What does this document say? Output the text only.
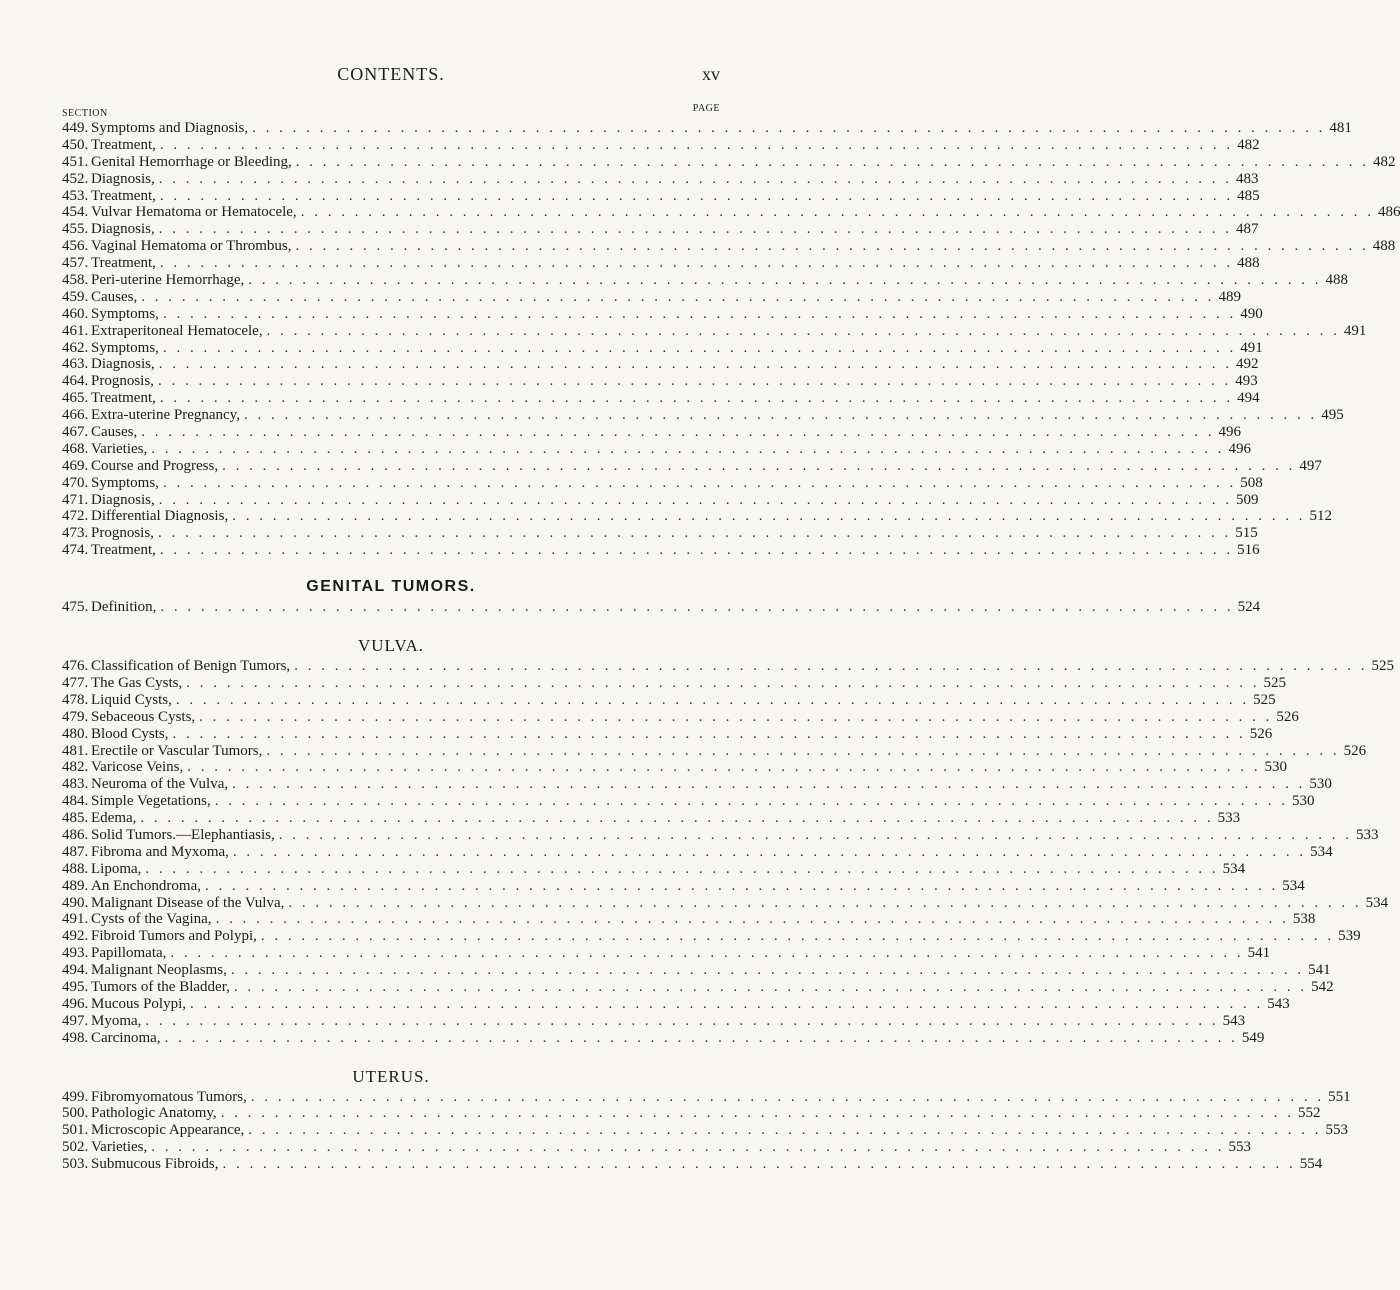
CONTENTS.	xv
SECTION	PAGE
449. Symptoms and Diagnosis, . . . . . . . . . . . . . . . . . . . . . . . . . . . . . . . . . . . . . . . . . . . . . . . . . . . . . . . . . . . . . . . . . . . . . . . . . . . . . . . . 481
450. Treatment, . . . . . . . . . . . . . . . . . . . . . . . . . . . . . . . . . . . . . . . . . . . . . . . . . . . . . . . . . . . . . . . . . . . . . . . . . . . . . . . . 482
451. Genital Hemorrhage or Bleeding, . . . . . . . . . . . . . . . . . . . . . . . . . . . . . . . . . . . . . . . . . . . . . . . . . . . . . . . . . . . . . . . . . . . . . . . . . . . . . . . . 482
452. Diagnosis, . . . . . . . . . . . . . . . . . . . . . . . . . . . . . . . . . . . . . . . . . . . . . . . . . . . . . . . . . . . . . . . . . . . . . . . . . . . . . . . . 483
453. Treatment, . . . . . . . . . . . . . . . . . . . . . . . . . . . . . . . . . . . . . . . . . . . . . . . . . . . . . . . . . . . . . . . . . . . . . . . . . . . . . . . . 485
454. Vulvar Hematoma or Hematocele, . . . . . . . . . . . . . . . . . . . . . . . . . . . . . . . . . . . . . . . . . . . . . . . . . . . . . . . . . . . . . . . . . . . . . . . . . . . . . . . . 486
455. Diagnosis, . . . . . . . . . . . . . . . . . . . . . . . . . . . . . . . . . . . . . . . . . . . . . . . . . . . . . . . . . . . . . . . . . . . . . . . . . . . . . . . . 487
456. Vaginal Hematoma or Thrombus, . . . . . . . . . . . . . . . . . . . . . . . . . . . . . . . . . . . . . . . . . . . . . . . . . . . . . . . . . . . . . . . . . . . . . . . . . . . . . . . . 488
457. Treatment, . . . . . . . . . . . . . . . . . . . . . . . . . . . . . . . . . . . . . . . . . . . . . . . . . . . . . . . . . . . . . . . . . . . . . . . . . . . . . . . . 488
458. Peri-uterine Hemorrhage, . . . . . . . . . . . . . . . . . . . . . . . . . . . . . . . . . . . . . . . . . . . . . . . . . . . . . . . . . . . . . . . . . . . . . . . . . . . . . . . . 488
459. Causes, . . . . . . . . . . . . . . . . . . . . . . . . . . . . . . . . . . . . . . . . . . . . . . . . . . . . . . . . . . . . . . . . . . . . . . . . . . . . . . . . 489
460. Symptoms, . . . . . . . . . . . . . . . . . . . . . . . . . . . . . . . . . . . . . . . . . . . . . . . . . . . . . . . . . . . . . . . . . . . . . . . . . . . . . . . . 490
461. Extraperitoneal Hematocele, . . . . . . . . . . . . . . . . . . . . . . . . . . . . . . . . . . . . . . . . . . . . . . . . . . . . . . . . . . . . . . . . . . . . . . . . . . . . . . . . 491
462. Symptoms, . . . . . . . . . . . . . . . . . . . . . . . . . . . . . . . . . . . . . . . . . . . . . . . . . . . . . . . . . . . . . . . . . . . . . . . . . . . . . . . . 491
463. Diagnosis, . . . . . . . . . . . . . . . . . . . . . . . . . . . . . . . . . . . . . . . . . . . . . . . . . . . . . . . . . . . . . . . . . . . . . . . . . . . . . . . . 492
464. Prognosis, . . . . . . . . . . . . . . . . . . . . . . . . . . . . . . . . . . . . . . . . . . . . . . . . . . . . . . . . . . . . . . . . . . . . . . . . . . . . . . . . 493
465. Treatment, . . . . . . . . . . . . . . . . . . . . . . . . . . . . . . . . . . . . . . . . . . . . . . . . . . . . . . . . . . . . . . . . . . . . . . . . . . . . . . . . 494
466. Extra-uterine Pregnancy, . . . . . . . . . . . . . . . . . . . . . . . . . . . . . . . . . . . . . . . . . . . . . . . . . . . . . . . . . . . . . . . . . . . . . . . . . . . . . . . . 495
467. Causes, . . . . . . . . . . . . . . . . . . . . . . . . . . . . . . . . . . . . . . . . . . . . . . . . . . . . . . . . . . . . . . . . . . . . . . . . . . . . . . . . 496
468. Varieties, . . . . . . . . . . . . . . . . . . . . . . . . . . . . . . . . . . . . . . . . . . . . . . . . . . . . . . . . . . . . . . . . . . . . . . . . . . . . . . . . 496
469. Course and Progress, . . . . . . . . . . . . . . . . . . . . . . . . . . . . . . . . . . . . . . . . . . . . . . . . . . . . . . . . . . . . . . . . . . . . . . . . . . . . . . . . 497
470. Symptoms, . . . . . . . . . . . . . . . . . . . . . . . . . . . . . . . . . . . . . . . . . . . . . . . . . . . . . . . . . . . . . . . . . . . . . . . . . . . . . . . . 508
471. Diagnosis, . . . . . . . . . . . . . . . . . . . . . . . . . . . . . . . . . . . . . . . . . . . . . . . . . . . . . . . . . . . . . . . . . . . . . . . . . . . . . . . . 509
472. Differential Diagnosis, . . . . . . . . . . . . . . . . . . . . . . . . . . . . . . . . . . . . . . . . . . . . . . . . . . . . . . . . . . . . . . . . . . . . . . . . . . . . . . . . 512
473. Prognosis, . . . . . . . . . . . . . . . . . . . . . . . . . . . . . . . . . . . . . . . . . . . . . . . . . . . . . . . . . . . . . . . . . . . . . . . . . . . . . . . . 515
474. Treatment, . . . . . . . . . . . . . . . . . . . . . . . . . . . . . . . . . . . . . . . . . . . . . . . . . . . . . . . . . . . . . . . . . . . . . . . . . . . . . . . . 516
GENITAL TUMORS.
475. Definition, . . . . . . . . . . . . . . . . . . . . . . . . . . . . . . . . . . . . . . . . . . . . . . . . . . . . . . . . . . . . . . . . . . . . . . . . . . . . . . . . 524
VULVA.
476. Classification of Benign Tumors, . . . . . . . . . . . . . . . . . . . . . . . . . . . . . . . . . . . . . . . . . . . . . . . . . . . . . . . . . . . . . . . . . . . . . . . . . . . . . . . . 525
477. The Gas Cysts, . . . . . . . . . . . . . . . . . . . . . . . . . . . . . . . . . . . . . . . . . . . . . . . . . . . . . . . . . . . . . . . . . . . . . . . . . . . . . . . . 525
478. Liquid Cysts, . . . . . . . . . . . . . . . . . . . . . . . . . . . . . . . . . . . . . . . . . . . . . . . . . . . . . . . . . . . . . . . . . . . . . . . . . . . . . . . . 525
479. Sebaceous Cysts, . . . . . . . . . . . . . . . . . . . . . . . . . . . . . . . . . . . . . . . . . . . . . . . . . . . . . . . . . . . . . . . . . . . . . . . . . . . . . . . . 526
480. Blood Cysts, . . . . . . . . . . . . . . . . . . . . . . . . . . . . . . . . . . . . . . . . . . . . . . . . . . . . . . . . . . . . . . . . . . . . . . . . . . . . . . . . 526
481. Erectile or Vascular Tumors, . . . . . . . . . . . . . . . . . . . . . . . . . . . . . . . . . . . . . . . . . . . . . . . . . . . . . . . . . . . . . . . . . . . . . . . . . . . . . . . . 526
482. Varicose Veins, . . . . . . . . . . . . . . . . . . . . . . . . . . . . . . . . . . . . . . . . . . . . . . . . . . . . . . . . . . . . . . . . . . . . . . . . . . . . . . . . 530
483. Neuroma of the Vulva, . . . . . . . . . . . . . . . . . . . . . . . . . . . . . . . . . . . . . . . . . . . . . . . . . . . . . . . . . . . . . . . . . . . . . . . . . . . . . . . . 530
484. Simple Vegetations, . . . . . . . . . . . . . . . . . . . . . . . . . . . . . . . . . . . . . . . . . . . . . . . . . . . . . . . . . . . . . . . . . . . . . . . . . . . . . . . . 530
485. Edema, . . . . . . . . . . . . . . . . . . . . . . . . . . . . . . . . . . . . . . . . . . . . . . . . . . . . . . . . . . . . . . . . . . . . . . . . . . . . . . . . 533
486. Solid Tumors.—Elephantiasis, . . . . . . . . . . . . . . . . . . . . . . . . . . . . . . . . . . . . . . . . . . . . . . . . . . . . . . . . . . . . . . . . . . . . . . . . . . . . . . . . 533
487. Fibroma and Myxoma, . . . . . . . . . . . . . . . . . . . . . . . . . . . . . . . . . . . . . . . . . . . . . . . . . . . . . . . . . . . . . . . . . . . . . . . . . . . . . . . . 534
488. Lipoma, . . . . . . . . . . . . . . . . . . . . . . . . . . . . . . . . . . . . . . . . . . . . . . . . . . . . . . . . . . . . . . . . . . . . . . . . . . . . . . . . 534
489. An Enchondroma, . . . . . . . . . . . . . . . . . . . . . . . . . . . . . . . . . . . . . . . . . . . . . . . . . . . . . . . . . . . . . . . . . . . . . . . . . . . . . . . . 534
490. Malignant Disease of the Vulva, . . . . . . . . . . . . . . . . . . . . . . . . . . . . . . . . . . . . . . . . . . . . . . . . . . . . . . . . . . . . . . . . . . . . . . . . . . . . . . . . 534
491. Cysts of the Vagina, . . . . . . . . . . . . . . . . . . . . . . . . . . . . . . . . . . . . . . . . . . . . . . . . . . . . . . . . . . . . . . . . . . . . . . . . . . . . . . . . 538
492. Fibroid Tumors and Polypi, . . . . . . . . . . . . . . . . . . . . . . . . . . . . . . . . . . . . . . . . . . . . . . . . . . . . . . . . . . . . . . . . . . . . . . . . . . . . . . . . 539
493. Papillomata, . . . . . . . . . . . . . . . . . . . . . . . . . . . . . . . . . . . . . . . . . . . . . . . . . . . . . . . . . . . . . . . . . . . . . . . . . . . . . . . . 541
494. Malignant Neoplasms, . . . . . . . . . . . . . . . . . . . . . . . . . . . . . . . . . . . . . . . . . . . . . . . . . . . . . . . . . . . . . . . . . . . . . . . . . . . . . . . . 541
495. Tumors of the Bladder, . . . . . . . . . . . . . . . . . . . . . . . . . . . . . . . . . . . . . . . . . . . . . . . . . . . . . . . . . . . . . . . . . . . . . . . . . . . . . . . . 542
496. Mucous Polypi, . . . . . . . . . . . . . . . . . . . . . . . . . . . . . . . . . . . . . . . . . . . . . . . . . . . . . . . . . . . . . . . . . . . . . . . . . . . . . . . . 543
497. Myoma, . . . . . . . . . . . . . . . . . . . . . . . . . . . . . . . . . . . . . . . . . . . . . . . . . . . . . . . . . . . . . . . . . . . . . . . . . . . . . . . . 543
498. Carcinoma, . . . . . . . . . . . . . . . . . . . . . . . . . . . . . . . . . . . . . . . . . . . . . . . . . . . . . . . . . . . . . . . . . . . . . . . . . . . . . . . . 549
UTERUS.
499. Fibromyomatous Tumors, . . . . . . . . . . . . . . . . . . . . . . . . . . . . . . . . . . . . . . . . . . . . . . . . . . . . . . . . . . . . . . . . . . . . . . . . . . . . . . . . 551
500. Pathologic Anatomy, . . . . . . . . . . . . . . . . . . . . . . . . . . . . . . . . . . . . . . . . . . . . . . . . . . . . . . . . . . . . . . . . . . . . . . . . . . . . . . . . 552
501. Microscopic Appearance, . . . . . . . . . . . . . . . . . . . . . . . . . . . . . . . . . . . . . . . . . . . . . . . . . . . . . . . . . . . . . . . . . . . . . . . . . . . . . . . . 553
502. Varieties, . . . . . . . . . . . . . . . . . . . . . . . . . . . . . . . . . . . . . . . . . . . . . . . . . . . . . . . . . . . . . . . . . . . . . . . . . . . . . . . . 553
503. Submucous Fibroids, . . . . . . . . . . . . . . . . . . . . . . . . . . . . . . . . . . . . . . . . . . . . . . . . . . . . . . . . . . . . . . . . . . . . . . . . . . . . . . . . 554
